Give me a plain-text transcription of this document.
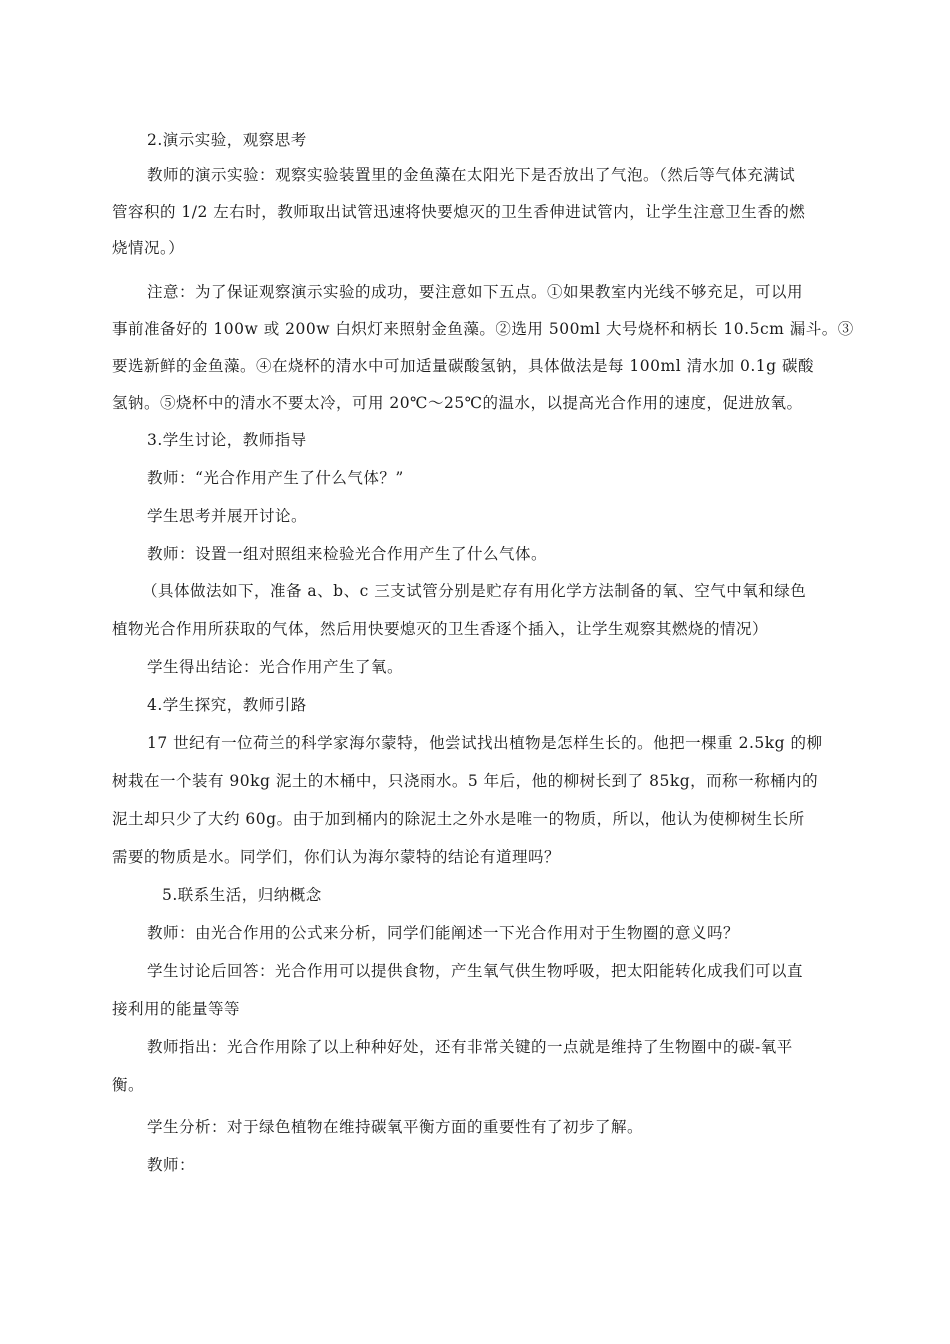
2.演示实验，观察思考
教师的演示实验：观察实验装置里的金鱼藻在太阳光下是否放出了气泡。（然后等气体充满试
管容积的 1/2 左右时，教师取出试管迅速将快要熄灭的卫生香伸进试管内，让学生注意卫生香的燃
烧情况。）
注意：为了保证观察演示实验的成功，要注意如下五点。①如果教室内光线不够充足，可以用
事前准备好的 100w 或 200w 白炽灯来照射金鱼藻。②选用 500ml 大号烧杯和柄长 10.5cm 漏斗。③
要选新鲜的金鱼藻。④在烧杯的清水中可加适量碳酸氢钠，具体做法是每 100ml 清水加 0.1g 碳酸
氢钠。⑤烧杯中的清水不要太冷，可用 20℃～25℃的温水，以提高光合作用的速度，促进放氧。
3.学生讨论，教师指导
教师：“光合作用产生了什么气体？”
学生思考并展开讨论。
教师：设置一组对照组来检验光合作用产生了什么气体。
（具体做法如下，准备 a、b、c 三支试管分别是贮存有用化学方法制备的氧、空气中氧和绿色
植物光合作用所获取的气体，然后用快要熄灭的卫生香逐个插入，让学生观察其燃烧的情况）
学生得出结论：光合作用产生了氧。
4.学生探究，教师引路
17 世纪有一位荷兰的科学家海尔蒙特，他尝试找出植物是怎样生长的。他把一棵重 2.5kg 的柳
树栽在一个装有 90kg 泥土的木桶中，只浇雨水。5 年后，他的柳树长到了 85kg，而称一称桶内的
泥土却只少了大约 60g。由于加到桶内的除泥土之外水是唯一的物质，所以，他认为使柳树生长所
需要的物质是水。同学们，你们认为海尔蒙特的结论有道理吗？
5.联系生活，归纳概念
教师：由光合作用的公式来分析，同学们能阐述一下光合作用对于生物圈的意义吗？
学生讨论后回答：光合作用可以提供食物，产生氧气供生物呼吸，把太阳能转化成我们可以直
接利用的能量等等
教师指出：光合作用除了以上种种好处，还有非常关键的一点就是维持了生物圈中的碳-氧平
衡。
学生分析：对于绿色植物在维持碳氧平衡方面的重要性有了初步了解。
教师：
